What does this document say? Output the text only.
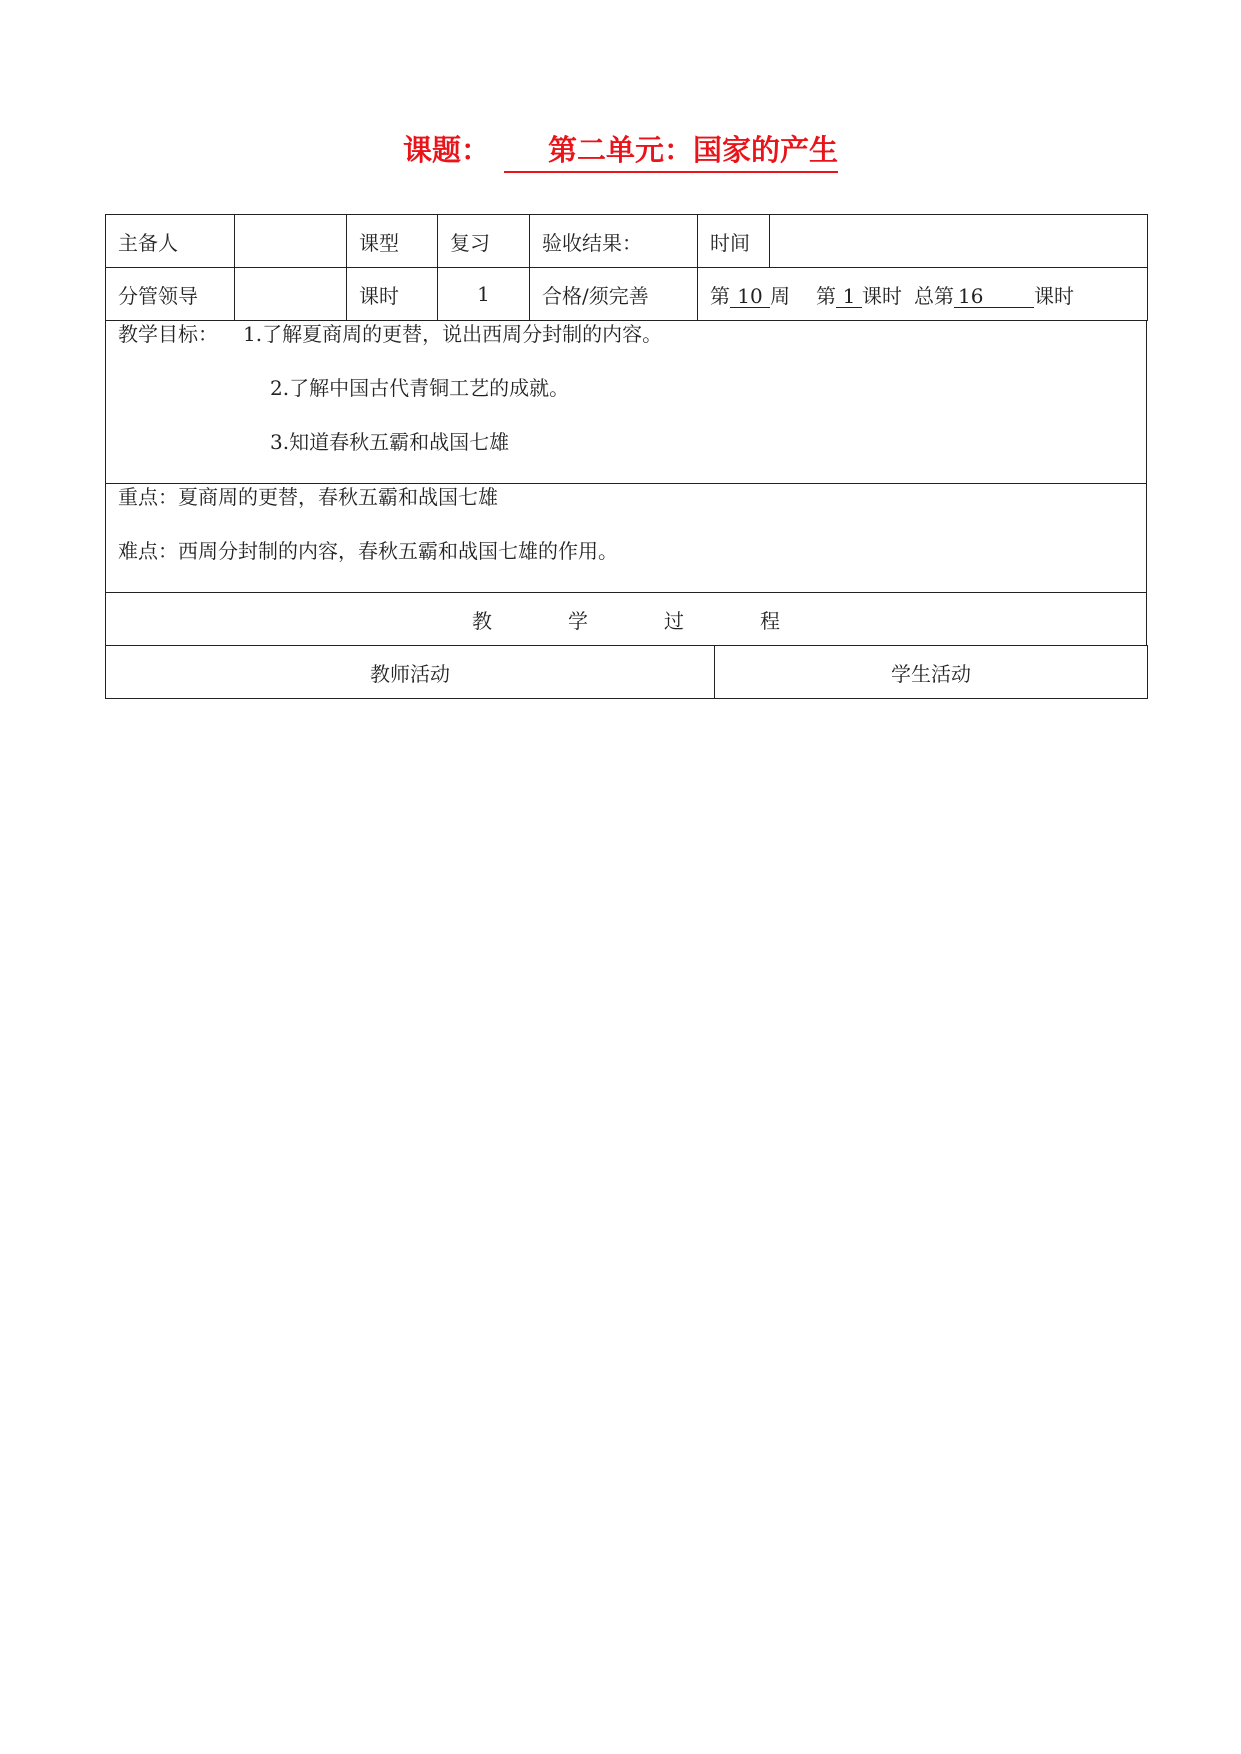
课题： 第二单元：国家的产生
主备人		课型	复习	验收结果：	时间	
分管领导		课时	1	合格/须完善	第 10 周 第 1 课时 总第 16 课时	
教学目标： 1.了解夏商周的更替，说出西周分封制的内容。
2.了解中国古代青铜工艺的成就。
3.知道春秋五霸和战国七雄
重点：夏商周的更替，春秋五霸和战国七雄
难点：西周分封制的内容，春秋五霸和战国七雄的作用。
教	学	过	程
教师活动	学生活动
